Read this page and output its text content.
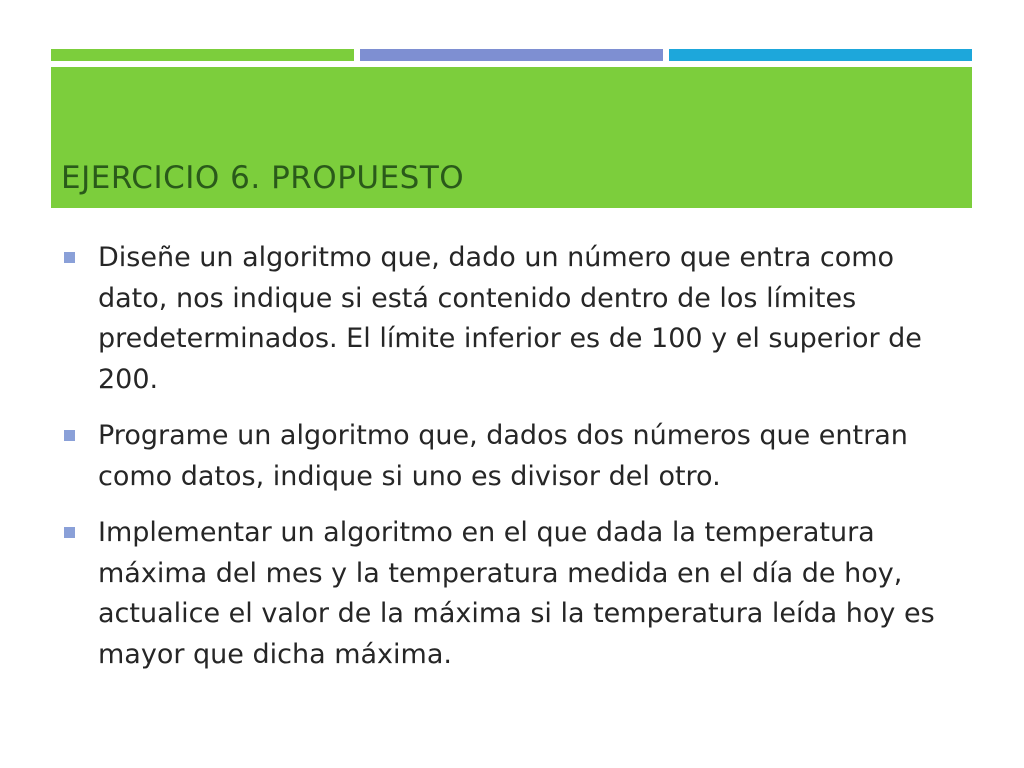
EJERCICIO 6. PROPUESTO
Diseñe un algoritmo que, dado un número que entra como dato, nos indique si está contenido dentro de los límites predeterminados. El límite inferior es de 100 y el superior de 200.
Programe un algoritmo que, dados dos números que entran como datos, indique si uno es divisor del otro.
Implementar un algoritmo en el que dada la temperatura máxima del mes y la temperatura medida en el día de hoy, actualice el valor de la máxima si la temperatura leída hoy es mayor que dicha máxima.
